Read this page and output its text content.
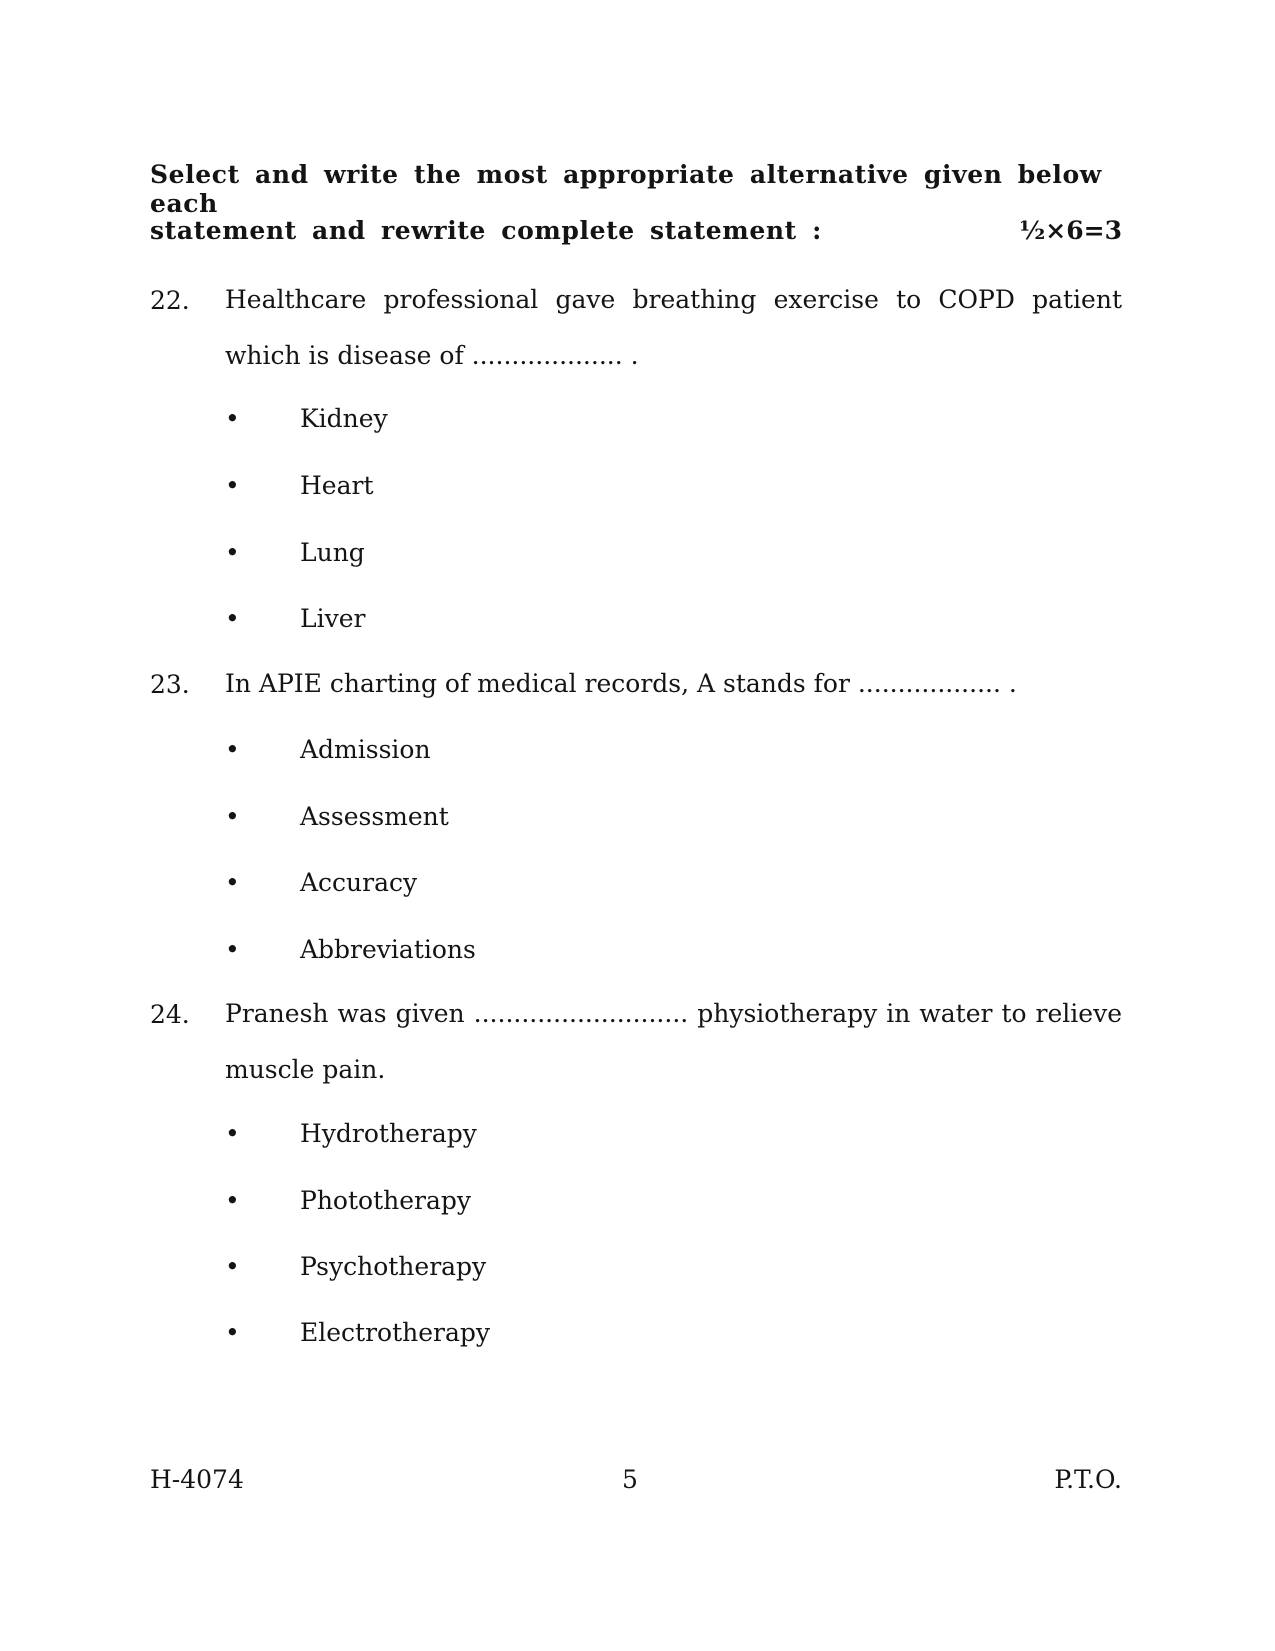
Select and write the most appropriate alternative given below each
statement and rewrite complete statement :	½×6=3
22. Healthcare professional gave breathing exercise to COPD patient which is disease of ................... .
• Kidney
• Heart
• Lung
• Liver
23. In APIE charting of medical records, A stands for .................. .
• Admission
• Assessment
• Accuracy
• Abbreviations
24. Pranesh was given ........................... physiotherapy in water to relieve muscle pain.
• Hydrotherapy
• Phototherapy
• Psychotherapy
• Electrotherapy
H-4074	5	P.T.O.
